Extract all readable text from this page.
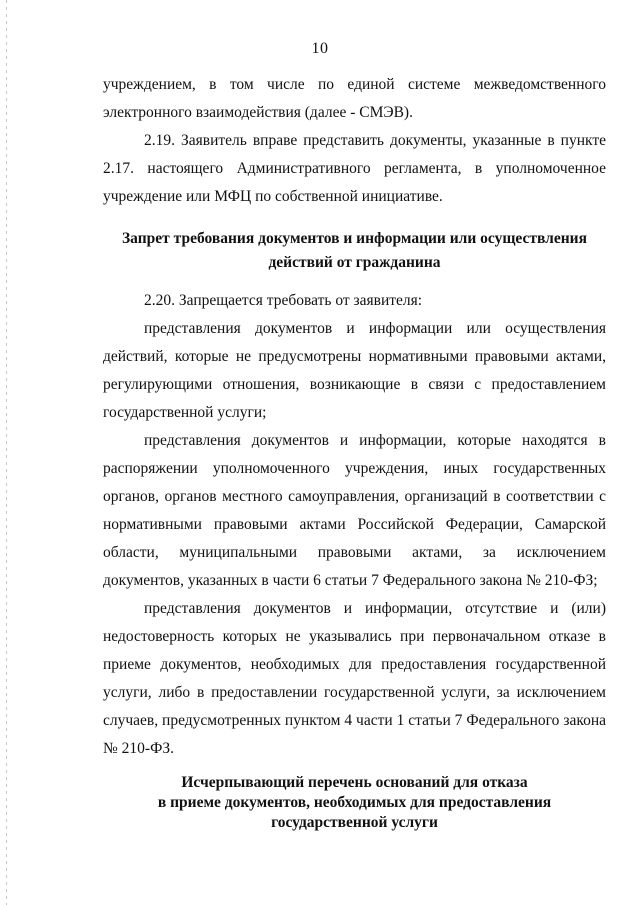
10

учреждением, в том числе по единой системе межведомственного электронного взаимодействия (далее - СМЭВ).

2.19. Заявитель вправе представить документы, указанные в пункте 2.17. настоящего Административного регламента, в уполномоченное учреждение или МФЦ по собственной инициативе.

Запрет требования документов и информации или осуществления
действий от гражданина

2.20. Запрещается требовать от заявителя:

представления документов и информации или осуществления действий, которые не предусмотрены нормативными правовыми актами, регулирующими отношения, возникающие в связи с предоставлением государственной услуги;

представления документов и информации, которые находятся в распоряжении уполномоченного учреждения, иных государственных органов, органов местного самоуправления, организаций в соответствии с нормативными правовыми актами Российской Федерации, Самарской области, муниципальными правовыми актами, за исключением документов, указанных в части 6 статьи 7 Федерального закона № 210-ФЗ;

представления документов и информации, отсутствие и (или) недостоверность которых не указывались при первоначальном отказе в приеме документов, необходимых для предоставления государственной услуги, либо в предоставлении государственной услуги, за исключением случаев, предусмотренных пунктом 4 части 1 статьи 7 Федерального закона № 210-ФЗ.

Исчерпывающий перечень оснований для отказа
в приеме документов, необходимых для предоставления
государственной услуги
